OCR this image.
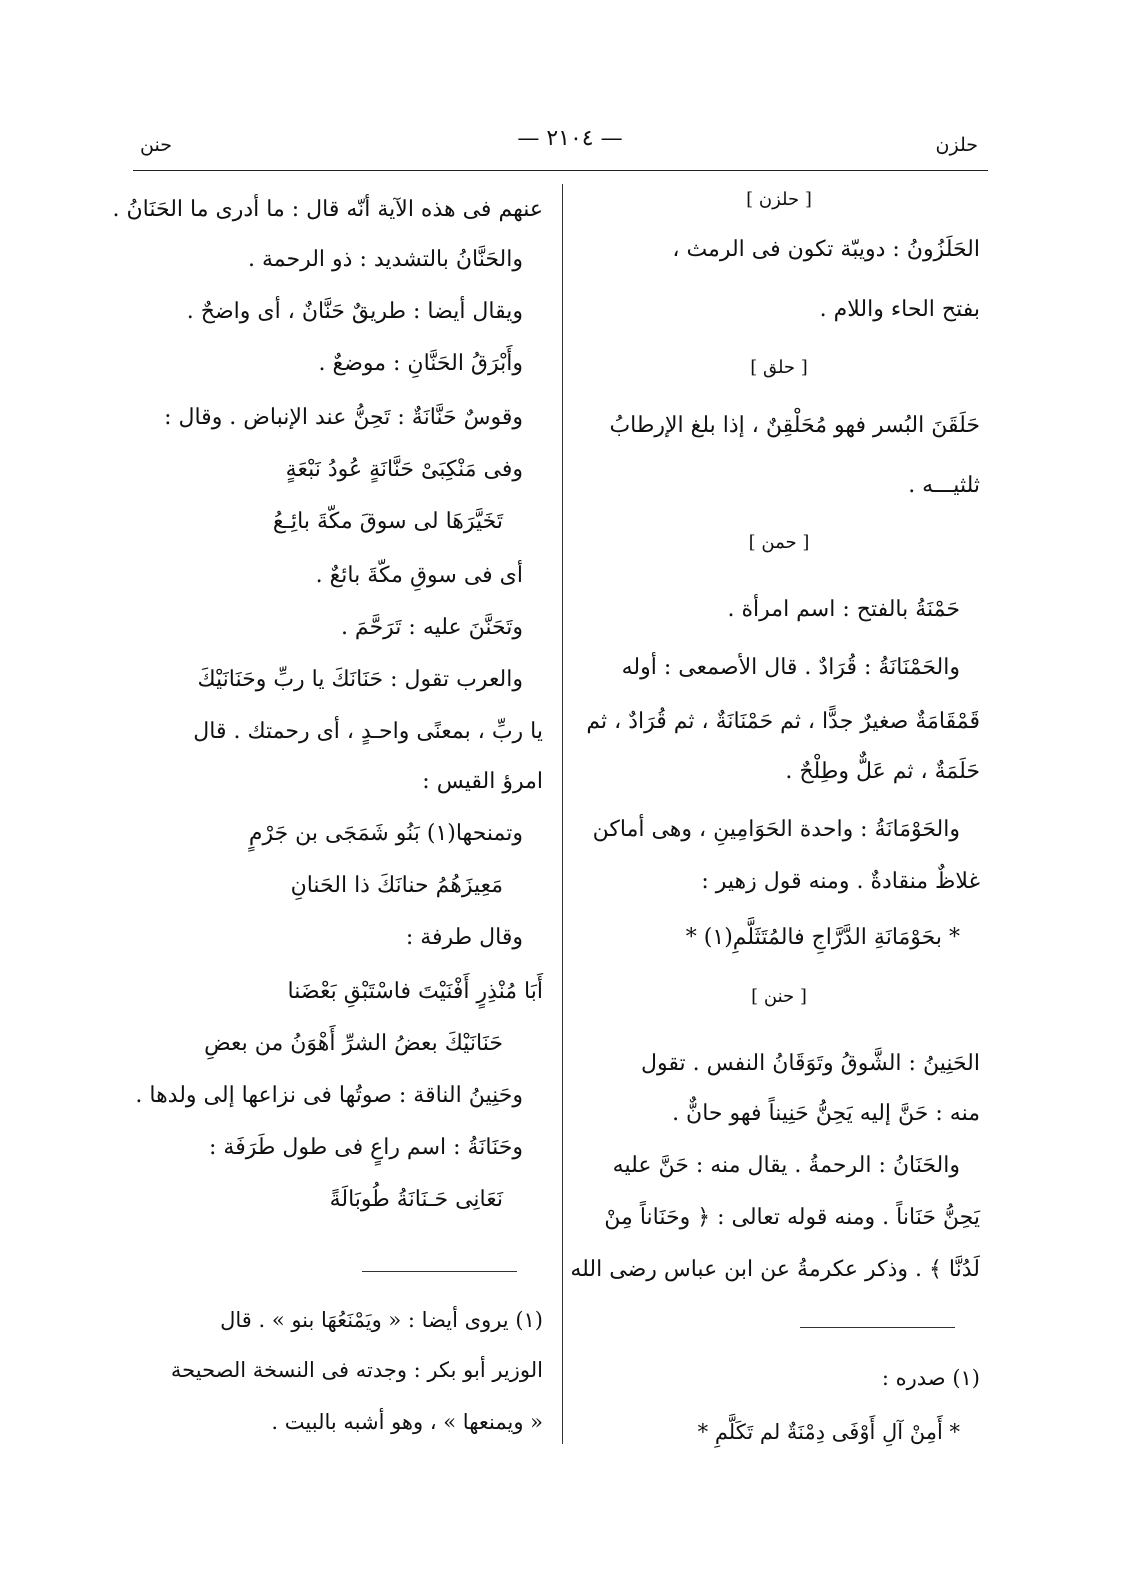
حلزن
— ٢١٠٤ —
حنن
[ حلزن ]
الحَلَزُونُ : دويبّة تكون فى الرمث ،
بفتح الحاء واللام .
[ حلق ]
حَلَقَنَ البُسر فهو مُحَلْقِنٌ ، إذا بلغ الإرطابُ
ثلثيـــه .
[ حمن ]
حَمْنَةُ بالفتح : اسم امرأة .
والحَمْنَانَةُ : قُرَادٌ . قال الأصمعى : أوله
قَمْقَامَةٌ صغيرٌ جدًّا ، ثم حَمْنَانَةٌ ، ثم قُرَادٌ ، ثم
حَلَمَةٌ ، ثم عَلٌّ وطِلْحٌ .
والحَوْمَانَةُ : واحدة الحَوَامِينِ ، وهى أماكن
غلاظٌ منقادةٌ . ومنه قول زهير :
* بحَوْمَانَةِ الدَّرَّاجِ فالمُتَثَلَّمِ(١) *
[ حنن ]
الحَنِينُ : الشَّوقُ وتَوَقَانُ النفس . تقول
منه : حَنَّ إليه يَحِنُّ حَنِيناً فهو حانٌّ .
والحَنَانُ : الرحمةُ . يقال منه : حَنَّ عليه
يَحِنُّ حَنَاناً . ومنه قوله تعالى : ﴿ وحَنَاناً مِنْ
لَدُنَّا ﴾ . وذكر عكرمةُ عن ابن عباس رضى الله
(١) صدره :
* أَمِنْ آلِ أَوْفَى دِمْنَةٌ لم تَكَلَّمِ *
عنهم فى هذه الآية أنّه قال : ما أدرى ما الحَنَانُ .
والحَنَّانُ بالتشديد : ذو الرحمة .
ويقال أيضا : طريقٌ حَنَّانٌ ، أى واضحٌ .
وأَبْرَقُ الحَنَّانِ : موضعٌ .
وقوسٌ حَنَّانَةٌ : تَحِنُّ عند الإنباض . وقال :
وفى مَنْكِبَىْ حَنَّانَةٍ عُودُ نَبْعَةٍ
تَخَيَّرَهَا لى سوقَ مكّةَ بائِـعُ
أى فى سوقِ مكّةَ بائعٌ .
وتَحَنَّنَ عليه : تَرَحَّمَ .
والعرب تقول : حَنَانَكَ يا ربِّ وحَنَانَيْكَ
يا ربِّ ، بمعنًى واحـدٍ ، أى رحمتك . قال
امرؤ القيس :
وتمنحها(١) بَنُو شَمَجَى بن جَرْمٍ
مَعِيزَهُمُ حنانَكَ ذا الحَنانِ
وقال طرفة :
أَبَا مُنْذِرٍ أَفْنَيْتَ فاسْتَبْقِ بَعْضَنا
حَنَانَيْكَ بعضُ الشرِّ أَهْوَنُ من بعضِ
وحَنِينُ الناقة : صوتُها فى نزاعها إلى ولدها .
وحَنَانَةُ : اسم راعٍ فى طول طَرَفَة :
نَعَانِى حَـنَانَةُ طُوبَالَةً
(١) يروى أيضا : « ويَمْنَعُهَا بنو » . قال
الوزير أبو بكر : وجدته فى النسخة الصحيحة
« ويمنعها » ، وهو أشبه بالبيت .
